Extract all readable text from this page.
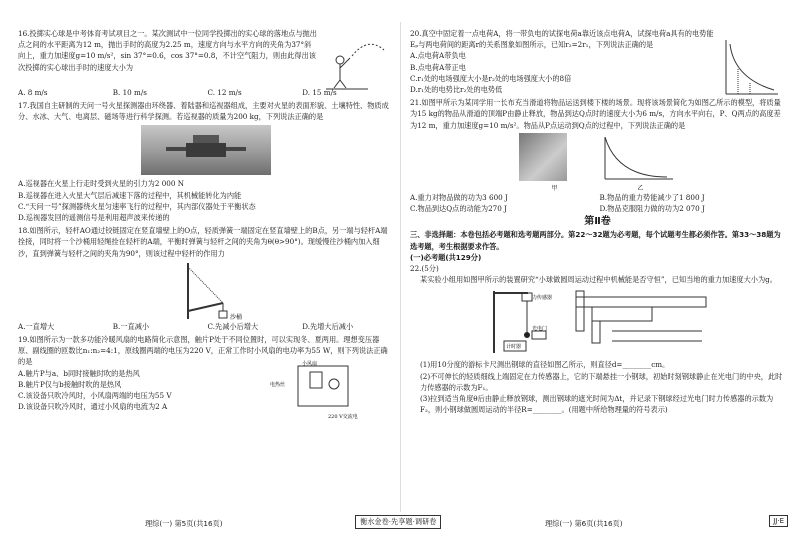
16.投掷实心球是中考体育考试项目之一。某次测试中一位同学投掷出的实心球的落地点与抛出点之间的水平距离为12 m，抛出手时的高度为2.25 m，速度方向与水平方向的夹角为37°斜向上，重力加速度g=10 m/s²，sin 37°=0.6，cos 37°=0.8，不计空气阻力，则由此得出该次投掷的实心球出手时的速度大小为
A. 8 m/s	B. 10 m/s	C. 12 m/s	D. 15 m/s
17.我国自主研制的天问一号火星探测器由环绕器、着陆器和巡视器组成，主要对火星的表面形貌、土壤特性、物质成分、水冰、大气、电离层、磁场等进行科学探测。若巡视器的质量为200 kg，下列说法正确的是
A.巡视器在火星上行走时受到火星的引力为2 000 N
B.巡视器在进入火星大气层后减速下落的过程中，其机械能转化为内能
C.“天问一号”探测器绕火星匀速率飞行的过程中，其内部仪器处于平衡状态
D.巡视器发回的遥测信号是利用超声波来传递的
18.如图所示，轻杆AO通过铰链固定在竖直墙壁上的O点，轻质弹簧一端固定在竖直墙壁上的B点，另一端与轻杆A端拴接，同时将一个沙桶用轻绳拴在轻杆的A端，平衡时弹簧与轻杆之间的夹角为θ(θ>90°)。现缓慢往沙桶内加入细沙，直到弹簧与轻杆之间的夹角为90°，则该过程中轻杆的作用力
沙桶
A.一直增大	B.一直减小	C.先减小后增大	D.先增大后减小
19.如图所示为一款多功能冷暖风扇的电路简化示意图，触片P处于不同位置时，可以实现冬、夏两用。理想变压器原、副线圈的匝数比n₁:n₂=4:1，原线圈两端的电压为220 V，正常工作时小风扇的电功率为55 W，则下列说法正确的是
A.触片P与a、b同时接触时吹的是热风
B.触片P仅与b接触时吹的是热风
C.该设备只吹冷风时，小风扇两端的电压为55 V
D.该设备只吹冷风时，通过小风扇的电流为2 A
小风扇
电热丝
220 V交流电
20.真空中固定着一点电荷A，将一带负电的试探电荷a靠近该点电荷A，试探电荷a具有的电势能Eₚ与两电荷间的距离r的关系图象如图所示，已知r₂=2r₁，下列说法正确的是
A.点电荷A带负电
B.点电荷A带正电
C.r₁处的电场强度大小是r₂处的电场强度大小的8倍
D.r₁处的电势比r₂处的电势低
21.如图甲所示为某同学用一长布充当滑道将物品运送到楼下楼的场景。现将该场景简化为如图乙所示的模型，将质量为15 kg的物品从滑道的顶端P由静止释放，物品到达Q点时的速度大小为6 m/s，方向水平向右，P、Q两点的高度差为12 m，重力加速度g=10 m/s²。物品从P点运动到Q点的过程中，下列说法正确的是
甲	乙
A.重力对物品做的功为3 600 J	B.物品的重力势能减少了1 800 J
C.物品到达Q点的动能为270 J	D.物品克服阻力做的功为2 070 J
第Ⅱ卷
三、非选择题：本卷包括必考题和选考题两部分。第22～32题为必考题，每个试题考生都必须作答。第33～38题为选考题，考生根据要求作答。
(一)必考题(共129分)
22.(5分)
某实验小组用如图甲所示的装置研究“小球做圆周运动过程中机械能是否守恒”，已知当地的重力加速度大小为g。
力传感器
光电门
计时器
(1)用10分度的游标卡尺测出钢球的直径如图乙所示，则直径d=________cm。
(2)不可伸长的轻质细线上端固定在力传感器上，它的下端悬挂一小钢球，初始时刻钢球静止在光电门的中央，此时力传感器的示数为F₁。
(3)拉到适当角度θ后由静止释放钢球，测出钢球的遮光时间为Δt，并记录下钢球经过光电门时力传感器的示数为F₂，则小钢球做圆周运动的半径R=________。(用题中所给物理量的符号表示)
理综(一) 第5页(共16页)	衡水金卷·先享题·调研卷	理综(一) 第6页(共16页)	JJ·E
